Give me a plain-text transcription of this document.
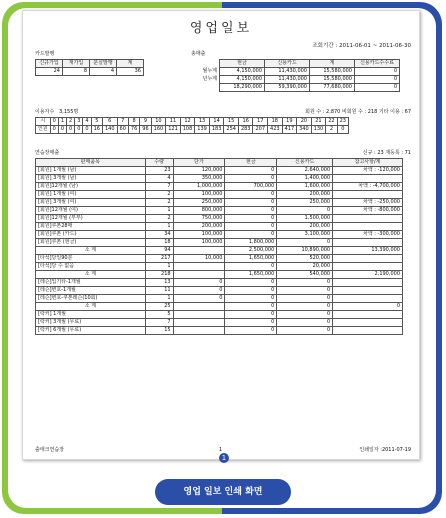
영업일보
조회기간 : 2011-06-01 ~ 2011-06-30
카드발행
신규가입	재가입	분실발행	계
24	8	4	36
총매출
	현금	신용카드	계	신용카드수수료
월누계	4,150,000	11,430,000	15,580,000	0
년누계	4,150,000	11,430,000	15,580,000	0
	18,290,000	59,390,000	77,680,000	0
이용자수 3,155명	회원 수 : 2,870 비회원 수 : 218 기타 이용 : 67
시	0	1	2	3	4	5	6	7	8	9	10	11	12	13	14	15	16	17	18	19	20	21	22	23
인원	0	0	0	0	0	16	140	60	76	96	160	121	108	139	183	254	283	207	423	417	340	130	2	0
연습장매출	신규 : 23 재등록 : 71
판매품목	수량	단가	현금	신용카드	참고사항/계
[회원] 1개월 (남)	23	120,000	0	2,640,000	차액 : -120,000
[회원] 3개월 (남)	4	350,000	0	1,400,000	
[회원]12개월 (남)	7	1,000,000	700,000	1,600,000	차액 : -4,700,000
[회원] 1개월 (여)	2	100,000	0	200,000	
[회원] 3개월 (여)	2	250,000	0	250,000	차액 : -250,000
[회원]12개월 (여)	1	800,000	0	0	차액 : -800,000
[회원]12개월 (부부)	2	750,000	0	1,500,000	
[회원]쿠폰28매	1	200,000	0	200,000	
[회원]쿠폰 (카드)	34	100,000	0	3,100,000	차액 : -300,000
[회원]쿠폰 (현금)	18	100,000	1,800,000	0	
소 계	94		2,500,000	10,890,000	13,390,000
[타석]당일90분	217	10,000	1,650,000	520,000	
[타석]당 수 없음	1		0	20,000	
소 계	218		1,650,000	540,000	2,190,000
[레슨]입기타-1개월	13	0	0	0	
[레슨]변호-1개월	11	0	0	0	
[레슨]변호-쿠폰레슨(10회)	1	0	0	0	
소 계	25		0	0	0
[락커] 1개월	5		0	0	
[락커] 3개월 (무료)	7		0	0	
[락커] 6개월 (무료)	15		0	0	
출태크연습장	1	인쇄일자 :2011-07-19
1
영업 일보 인쇄 화면
